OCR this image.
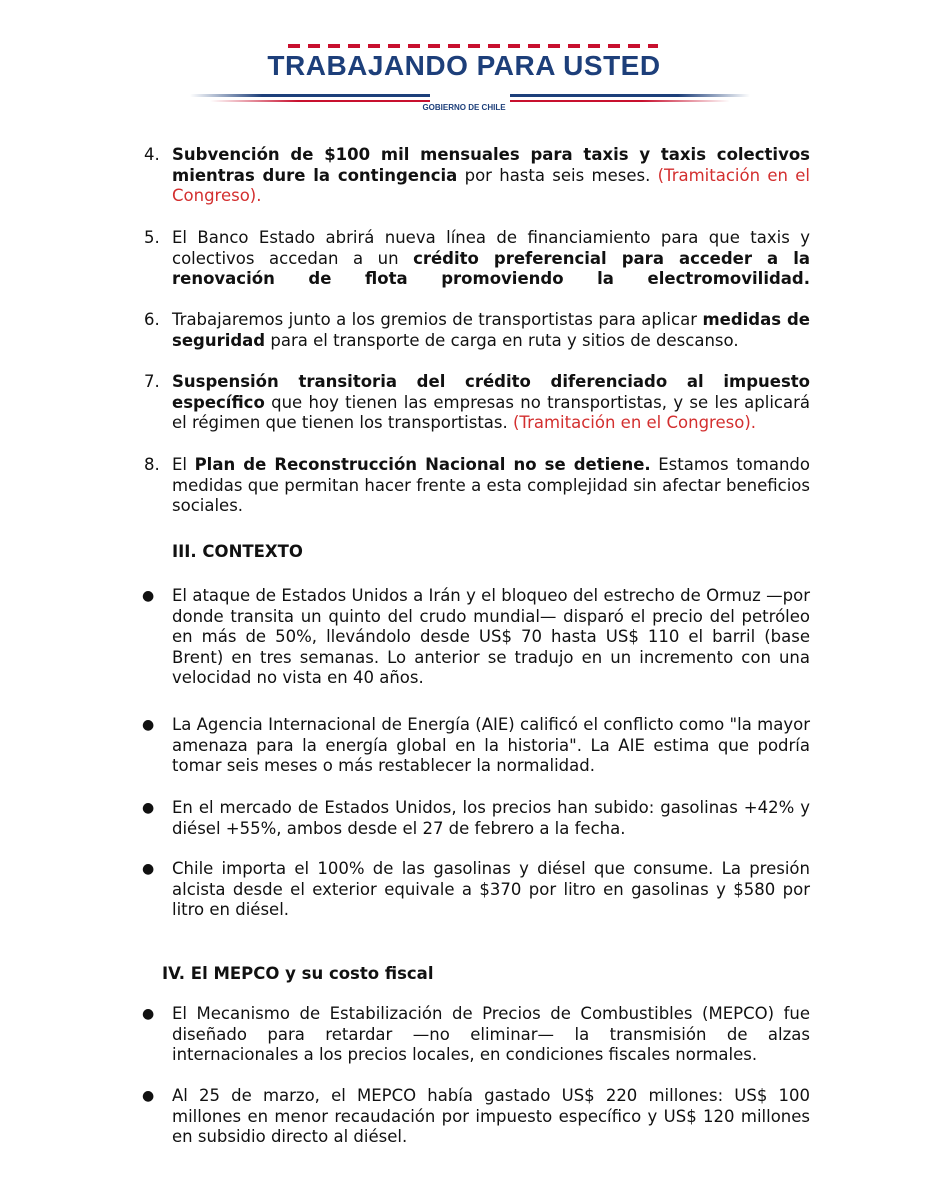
TRABAJANDO PARA USTED
GOBIERNO DE CHILE
4. Subvención de $100 mil mensuales para taxis y taxis colectivos mientras dure la contingencia por hasta seis meses. (Tramitación en el Congreso).
5. El Banco Estado abrirá nueva línea de financiamiento para que taxis y colectivos accedan a un crédito preferencial para acceder a la renovación de flota promoviendo la electromovilidad.
6. Trabajaremos junto a los gremios de transportistas para aplicar medidas de seguridad para el transporte de carga en ruta y sitios de descanso.
7. Suspensión transitoria del crédito diferenciado al impuesto específico que hoy tienen las empresas no transportistas, y se les aplicará el régimen que tienen los transportistas. (Tramitación en el Congreso).
8. El Plan de Reconstrucción Nacional no se detiene. Estamos tomando medidas que permitan hacer frente a esta complejidad sin afectar beneficios sociales.
III. CONTEXTO
● El ataque de Estados Unidos a Irán y el bloqueo del estrecho de Ormuz —por donde transita un quinto del crudo mundial— disparó el precio del petróleo en más de 50%, llevándolo desde US$ 70 hasta US$ 110 el barril (base Brent) en tres semanas. Lo anterior se tradujo en un incremento con una velocidad no vista en 40 años.
● La Agencia Internacional de Energía (AIE) calificó el conflicto como "la mayor amenaza para la energía global en la historia". La AIE estima que podría tomar seis meses o más restablecer la normalidad.
● En el mercado de Estados Unidos, los precios han subido: gasolinas +42% y diésel +55%, ambos desde el 27 de febrero a la fecha.
● Chile importa el 100% de las gasolinas y diésel que consume. La presión alcista desde el exterior equivale a $370 por litro en gasolinas y $580 por litro en diésel.
IV. El MEPCO y su costo fiscal
● El Mecanismo de Estabilización de Precios de Combustibles (MEPCO) fue diseñado para retardar —no eliminar— la transmisión de alzas internacionales a los precios locales, en condiciones fiscales normales.
● Al 25 de marzo, el MEPCO había gastado US$ 220 millones: US$ 100 millones en menor recaudación por impuesto específico y US$ 120 millones en subsidio directo al diésel.
